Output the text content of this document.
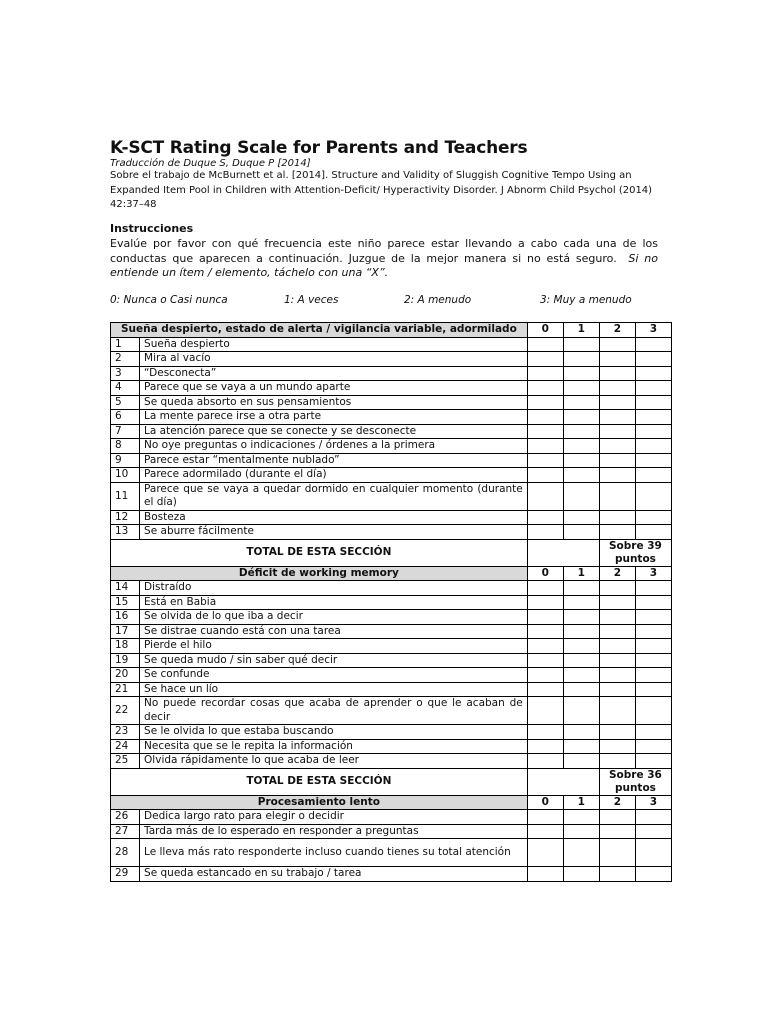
K-SCT Rating Scale for Parents and Teachers
Traducción de Duque S, Duque P [2014]
Sobre el trabajo de McBurnett et al. [2014]. Structure and Validity of Sluggish Cognitive Tempo Using an Expanded Item Pool in Children with Attention-Deficit/ Hyperactivity Disorder. J Abnorm Child Psychol (2014) 42:37–48
Instrucciones
Evalúe por favor con qué frecuencia este niño parece estar llevando a cabo cada una de los conductas que aparecen a continuación. Juzgue de la mejor manera si no está seguro. Si no entiende un ítem / elemento, táchelo con una “X”.
0: Nunca o Casi nunca	1: A veces	2: A menudo	3: Muy a menudo
Sueña despierto, estado de alerta / vigilancia variable, adormilado		0	1	2	3
1	Sueña despierto				
2	Mira al vacío				
3	“Desconecta”				
4	Parece que se vaya a un mundo aparte				
5	Se queda absorto en sus pensamientos				
6	La mente parece irse a otra parte				
7	La atención parece que se conecte y se desconecte				
8	No oye preguntas o indicaciones / órdenes a la primera				
9	Parece estar “mentalmente nublado”				
10	Parece adormilado (durante el día)				
11	Parece que se vaya a quedar dormido en cualquier momento (durante el día)				
12	Bosteza				
13	Se aburre fácilmente				
TOTAL DE ESTA SECCIÓN				Sobre 39 puntos	
Déficit de working memory		0	1	2	3
14	Distraído				
15	Está en Babia				
16	Se olvida de lo que iba a decir				
17	Se distrae cuando está con una tarea				
18	Pierde el hilo				
19	Se queda mudo / sin saber qué decir				
20	Se confunde				
21	Se hace un lío				
22	No puede recordar cosas que acaba de aprender o que le acaban de decir				
23	Se le olvida lo que estaba buscando				
24	Necesita que se le repita la información				
25	Olvida rápidamente lo que acaba de leer				
TOTAL DE ESTA SECCIÓN				Sobre 36 puntos	
Procesamiento lento		0	1	2	3
26	Dedica largo rato para elegir o decidir				
27	Tarda más de lo esperado en responder a preguntas				
28	Le lleva más rato responderte incluso cuando tienes su total atención				
29	Se queda estancado en su trabajo / tarea				
